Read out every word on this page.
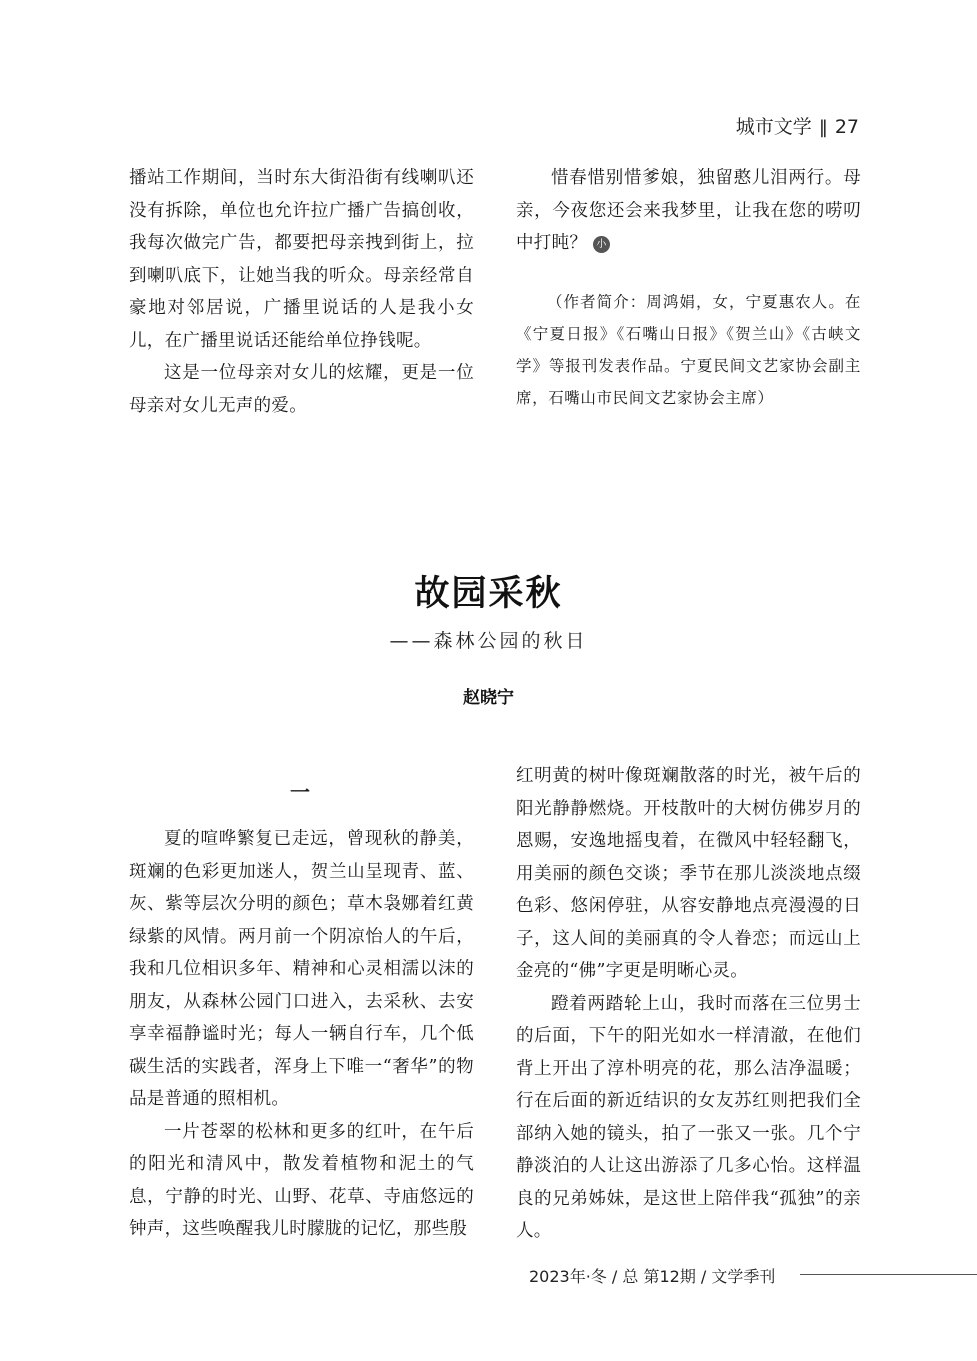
城市文学 ‖ 27

播站工作期间，当时东大街沿街有线喇叭还没有拆除，单位也允许拉广播广告搞创收，我每次做完广告，都要把母亲拽到街上，拉到喇叭底下，让她当我的听众。母亲经常自豪地对邻居说，广播里说话的人是我小女儿，在广播里说话还能给单位挣钱呢。

这是一位母亲对女儿的炫耀，更是一位母亲对女儿无声的爱。

惜春惜别惜爹娘，独留憨儿泪两行。母亲，今夜您还会来我梦里，让我在您的唠叨中打盹？ 小

（作者简介：周鸿娟，女，宁夏惠农人。在《宁夏日报》《石嘴山日报》《贺兰山》《古峡文学》等报刊发表作品。宁夏民间文艺家协会副主席，石嘴山市民间文艺家协会主席）

故园采秋
——森林公园的秋日
赵晓宁
一

夏的喧哗繁复已走远，曾现秋的静美，斑斓的色彩更加迷人，贺兰山呈现青、蓝、灰、紫等层次分明的颜色；草木袅娜着红黄绿紫的风情。两月前一个阴凉怡人的午后，我和几位相识多年、精神和心灵相濡以沫的朋友，从森林公园门口进入，去采秋、去安享幸福静谧时光；每人一辆自行车，几个低碳生活的实践者，浑身上下唯一“奢华”的物品是普通的照相机。

一片苍翠的松林和更多的红叶，在午后的阳光和清风中，散发着植物和泥土的气息，宁静的时光、山野、花草、寺庙悠远的钟声，这些唤醒我儿时朦胧的记忆，那些殷

红明黄的树叶像斑斓散落的时光，被午后的阳光静静燃烧。开枝散叶的大树仿佛岁月的恩赐，安逸地摇曳着，在微风中轻轻翻飞，用美丽的颜色交谈；季节在那儿淡淡地点缀色彩、悠闲停驻，从容安静地点亮漫漫的日子，这人间的美丽真的令人眷恋；而远山上金亮的“佛”字更是明晰心灵。

蹬着两踏轮上山，我时而落在三位男士的后面，下午的阳光如水一样清澈，在他们背上开出了淳朴明亮的花，那么洁净温暖；行在后面的新近结识的女友苏红则把我们全部纳入她的镜头，拍了一张又一张。几个宁静淡泊的人让这出游添了几多心怡。这样温良的兄弟姊妹，是这世上陪伴我“孤独”的亲人。

2023年·冬 / 总 第12期 / 文学季刊
